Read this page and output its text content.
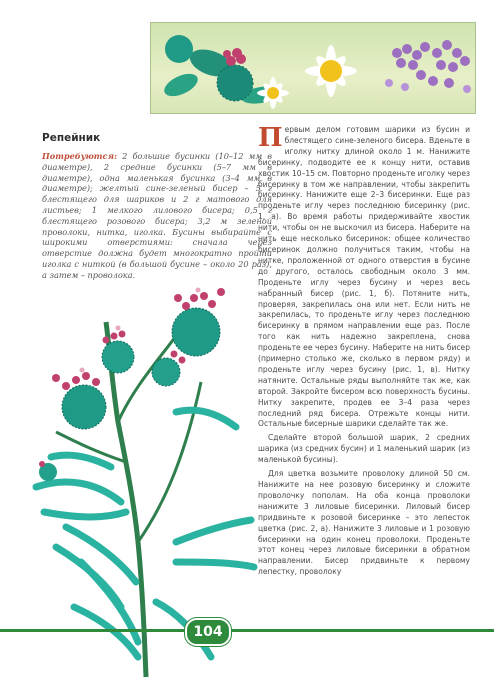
Репейник

Потребуются: 2 большие бусинки (10–12 мм в диаметре), 2 средние бусинки (5–7 мм в диаметре), одна маленькая бусинка (3–4 мм в диаметре); желтый сине-зеленый бисер – 5 г блестящего для шариков и 2 г матового для листьев; 1 мелкого лилового бисера; 0,5 г блестящего розового бисера; 3,2 м зеленой проволоки, нитка, иголка. Бусины выбирайте с широкими отверстиями: сначала через отверстие должна будет многократно пройти иголка с ниткой (в большой бусине – около 20 раз), а затем – проволока.

Первым делом готовим шарики из бусин и блестящего сине-зеленого бисера. Вденьте в иголку нитку длиной около 1 м. Нанижите бисеринку, подводите ее к концу нити, оставив хвостик 10–15 см. Повторно проденьте иголку через бисеринку в том же направлении, чтобы закрепить бисеринку. Нанижите еще 2–3 бисеринки. Еще раз проденьте иглу через последнюю бисеринку (рис. 1, а). Во время работы придерживайте хвостик нити, чтобы он не выскочил из бисера. Наберите на нить еще несколько бисеринок: общее количество бисеринок должно получиться таким, чтобы на нитке, проложенной от одного отверстия в бусине до другого, осталось свободным около 3 мм. Проденьте иглу через бусину и через весь набранный бисер (рис. 1, б). Потяните нить, проверяя, закрепилась она или нет. Если нить не закрепилась, то проденьте иглу через последнюю бисеринку в прямом направлении еще раз. После того как нить надежно закреплена, снова проденьте ее через бусину. Наберите на нить бисер (примерно столько же, сколько в первом ряду) и проденьте иглу через бусину (рис. 1, в). Нитку натяните. Остальные ряды выполняйте так же, как второй. Закройте бисером всю поверхность бусины. Нитку закрепите, продев ее 3–4 раза через последний ряд бисера. Отрежьте концы нити. Остальные бисерные шарики сделайте так же.

Сделайте второй большой шарик, 2 средних шарика (из средних бусин) и 1 маленький шарик (из маленькой бусины).

Для цветка возьмите проволоку длиной 50 см. Нанижите на нее розовую бисеринку и сложите проволочку пополам. На оба конца проволоки нанижите 3 лиловые бисеринки. Лиловый бисер придвиньте к розовой бисеринке – это лепесток цветка (рис. 2, а). Нанижите 3 лиловые и 1 розовую бисеринки на один конец проволоки. Проденьте этот конец через лиловые бисеринки в обратном направлении. Бисер придвиньте к первому лепестку, проволоку

104
